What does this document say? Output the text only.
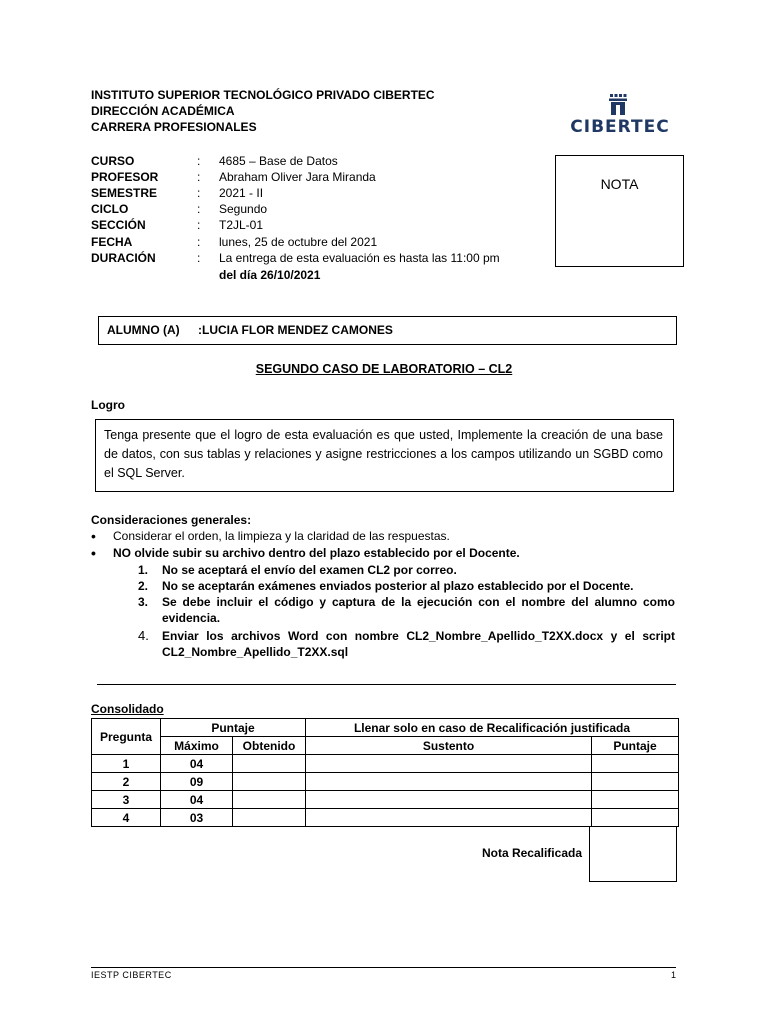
INSTITUTO SUPERIOR TECNOLÓGICO PRIVADO CIBERTEC
DIRECCIÓN ACADÉMICA
CARRERA PROFESIONALES	CIBERTEC
NOTA
CURSO	: 4685 – Base de Datos
PROFESOR	: Abraham Oliver Jara Miranda
SEMESTRE	: 2021 - II
CICLO	: Segundo
SECCIÓN	: T2JL-01
FECHA	: lunes, 25 de octubre del 2021
DURACIÓN	: La entrega de esta evaluación es hasta las 11:00 pm
del día 26/10/2021
ALUMNO (A) :LUCIA FLOR MENDEZ CAMONES
SEGUNDO CASO DE LABORATORIO – CL2
Logro
Tenga presente que el logro de esta evaluación es que usted, Implemente la creación de una base de datos, con sus tablas y relaciones y asigne restricciones a los campos utilizando un SGBD como el SQL Server.
Consideraciones generales:
• Considerar el orden, la limpieza y la claridad de las respuestas.
• NO olvide subir su archivo dentro del plazo establecido por el Docente.
1. No se aceptará el envío del examen CL2 por correo.
2. No se aceptarán exámenes enviados posterior al plazo establecido por el Docente.
3. Se debe incluir el código y captura de la ejecución con el nombre del alumno como evidencia.
4. Enviar los archivos Word con nombre CL2_Nombre_Apellido_T2XX.docx y el script CL2_Nombre_Apellido_T2XX.sql
Consolidado
Pregunta	Puntaje		Llenar solo en caso de Recalificación justificada	
	Máximo	Obtenido	Sustento	Puntaje
1	04			
2	09			
3	04			
4	03			
Nota Recalificada
IESTP CIBERTEC	1
